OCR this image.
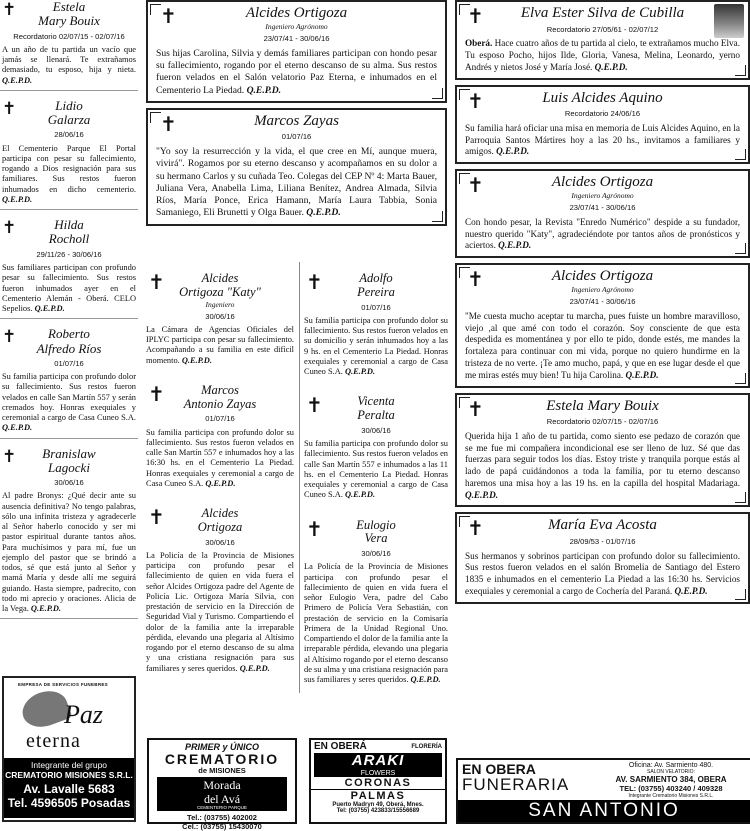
✝	Estela
Mary Bouix
Recordatorio 02/07/15 - 02/07/16
A un año de tu partida un vacío que jamás se llenará. Te extrañamos demasiado, tu esposo, hija y nieta. Q.E.P.D.
✝	Lidio
Galarza
28/06/16
El Cementerio Parque El Portal participa con pesar su fallecimiento, rogando a Dios resignación para sus familiares. Sus restos fueron inhumados en dicho cementerio. Q.E.P.D.
✝	Hilda
Rocholl
29/11/26 - 30/06/16
Sus familiares participan con profundo pesar su fallecimiento. Sus restos fueron inhumados ayer en el Cementerio Alemán - Oberá. CELO Sepelios. Q.E.P.D.
✝	Roberto
Alfredo Ríos
01/07/16
Su familia participa con profundo dolor su fallecimiento. Sus restos fueron velados en calle San Martín 557 y serán cremados hoy. Honras exequiales y ceremonial a cargo de Casa Cuneo S.A. Q.E.P.D.
✝	Branislaw
Lagocki
30/06/16
Al padre Bronys: ¿Qué decir ante su ausencia definitiva? No tengo palabras, sólo una infinita tristeza y agradecerle al Señor haberlo conocido y ser mi pastor espiritual durante tantos años. Para muchísimos y para mí, fue un ejemplo del pastor que se brindó a todos, sé que está junto al Señor y mamá María y desde allí me seguirá guiando. Hasta siempre, padrecito, con todo mi aprecio y oraciones. Alicia de la Vega. Q.E.P.D.
✝	Alcides Ortigoza
Ingeniero Agrónomo
23/07/41 - 30/06/16
Sus hijas Carolina, Silvia y demás familiares participan con hondo pesar su fallecimiento, rogando por el eterno descanso de su alma. Sus restos fueron velados en el Salón velatorio Paz Eterna, e inhumados en el Cementerio La Piedad. Q.E.P.D.
✝	Marcos Zayas
01/07/16
"Yo soy la resurrección y la vida, el que cree en Mí, aunque muera, vivirá". Rogamos por su eterno descanso y acompañamos en su dolor a su hermano Carlos y su cuñada Teo. Colegas del CEP Nº 4: Marta Bauer, Juliana Vera, Anabella Lima, Liliana Benítez, Andrea Almada, Silvia Ríos, María Ponce, Erica Hamann, María Laura Tabbia, Sonia Samaniego, Eli Brunetti y Olga Bauer. Q.E.P.D.
✝	Alcides
Ortigoza "Katy"
Ingeniero
30/06/16
La Cámara de Agencias Oficiales del IPLYC participa con pesar su fallecimiento. Acompañando a su familia en este difícil momento. Q.E.P.D.
✝	Marcos
Antonio Zayas
01/07/16
Su familia participa con profundo dolor su fallecimiento. Sus restos fueron velados en calle San Martín 557 e inhumados hoy a las 16:30 hs. en el Cementerio La Piedad. Honras exequiales y ceremonial a cargo de Casa Cuneo S.A. Q.E.P.D.
✝	Alcides
Ortigoza
30/06/16
La Policía de la Provincia de Misiones participa con profundo pesar el fallecimiento de quien en vida fuera el señor Alcides Ortigoza padre del Agente de Policía Lic. Ortigoza María Silvia, con prestación de servicio en la Dirección de Seguridad Vial y Turismo. Compartiendo el dolor de la familia ante la irreparable pérdida, elevando una plegaria al Altísimo rogando por el eterno descanso de su alma y una cristiana resignación para sus familiares y seres queridos. Q.E.P.D.
✝	Adolfo
Pereira
01/07/16
Su familia participa con profundo dolor su fallecimiento. Sus restos fueron velados en su domicilio y serán inhumados hoy a las 9 hs. en el Cementerio La Piedad. Honras exequiales y ceremonial a cargo de Casa Cuneo S.A. Q.E.P.D.
✝	Vicenta
Peralta
30/06/16
Su familia participa con profundo dolor su fallecimiento. Sus restos fueron velados en calle San Martín 557 e inhumados a las 11 hs. en el Cementerio La Piedad. Honras exequiales y ceremonial a cargo de Casa Cuneo S.A. Q.E.P.D.
✝	Eulogio
Vera
30/06/16
La Policía de la Provincia de Misiones participa con profundo pesar el fallecimiento de quien en vida fuera el señor Eulogio Vera, padre del Cabo Primero de Policía Vera Sebastián, con prestación de servicio en la Comisaría Primera de la Unidad Regional Uno. Compartiendo el dolor de la familia ante la irreparable pérdida, elevando una plegaria al Altísimo rogando por el eterno descanso de su alma y una cristiana resignación para sus familiares y seres queridos. Q.E.P.D.
✝	Elva Ester Silva de Cubilla
Recordatorio 27/05/61 - 02/07/12
Oberá. Hace cuatro años de tu partida al cielo, te extrañamos mucho Elva. Tu esposo Pocho, hijos Ilde, Gloria, Vanesa, Melina, Leonardo, yerno Andrés y nietos José y María José. Q.E.P.D.
✝	Luis Alcides Aquino
Recordatorio 24/06/16
Su familia hará oficiar una misa en memoria de Luis Alcides Aquino, en la Parroquia Santos Mártires hoy a las 20 hs., invitamos a familiares y amigos. Q.E.P.D.
✝	Alcides Ortigoza
Ingeniero Agrónomo
23/07/41 - 30/06/16
Con hondo pesar, la Revista "Enredo Numérico" despide a su fundador, nuestro querido "Katy", agradeciéndote por tantos años de pronósticos y aciertos. Q.E.P.D.
✝	Alcides Ortigoza
Ingeniero Agrónomo
23/07/41 - 30/06/16
"Me cuesta mucho aceptar tu marcha, pues fuiste un hombre maravilloso, viejo ,al que amé con todo el corazón. Soy consciente de que esta despedida es momentánea y por ello te pido, donde estés, me mandes la fortaleza para continuar con mi vida, porque no quiero hundirme en la tristeza de no verte. ¡Te amo mucho, papá, y que en ese lugar desde el que me miras estés muy bien! Tu hija Carolina. Q.E.P.D.
✝	Estela Mary Bouix
Recordatorio 02/07/15 - 02/07/16
Querida hija 1 año de tu partida, como siento ese pedazo de corazón que se me fue mi compañera incondicional ese ser lleno de luz. Sé que das fuerzas para seguir todos los días. Estoy triste y tranquila porque estás al lado de papá cuidándonos a toda la familia, por tu eterno descanso haremos una misa hoy a las 19 hs. en la capilla del hospital Madariaga. Q.E.P.D.
✝	María Eva Acosta
28/09/53 - 01/07/16
Sus hermanos y sobrinos participan con profundo dolor su fallecimiento. Sus restos fueron velados en el salón Bromelia de Santiago del Estero 1835 e inhumados en el cementerio La Piedad a las 16:30 hs. Servicios exequiales y ceremonial a cargo de Cochería del Paraná. Q.E.P.D.
EMPRESA DE SERVICIOS FUNEBRES
Paz
eterna
Integrante del grupo
CREMATORIO MISIONES S.R.L.
Av. Lavalle 5683
Tel. 4596505 Posadas
PRIMER y ÚNICO
CREMATORIO
de MISIONES
Morada
del Avá
CEMENTERIO PARQUE
Tel.: (03755) 402002
Cel.: (03755) 15430070
EN OBERÁ	FLORERÍA
ARAKI
FLOWERS
CORONAS
PALMAS
Puerto Madryn 49, Oberá, Mnes.
Tel: (03755) 423833/15556689
EN OBERA
FUNERARIA
Oficina: Av. Sarmiento 480.
SALON VELATORIO:
AV. SARMIENTO 384, OBERA
TEL: (03755) 403240 / 409328
Integrante Crematorio Misiones S.R.L.
SAN ANTONIO
